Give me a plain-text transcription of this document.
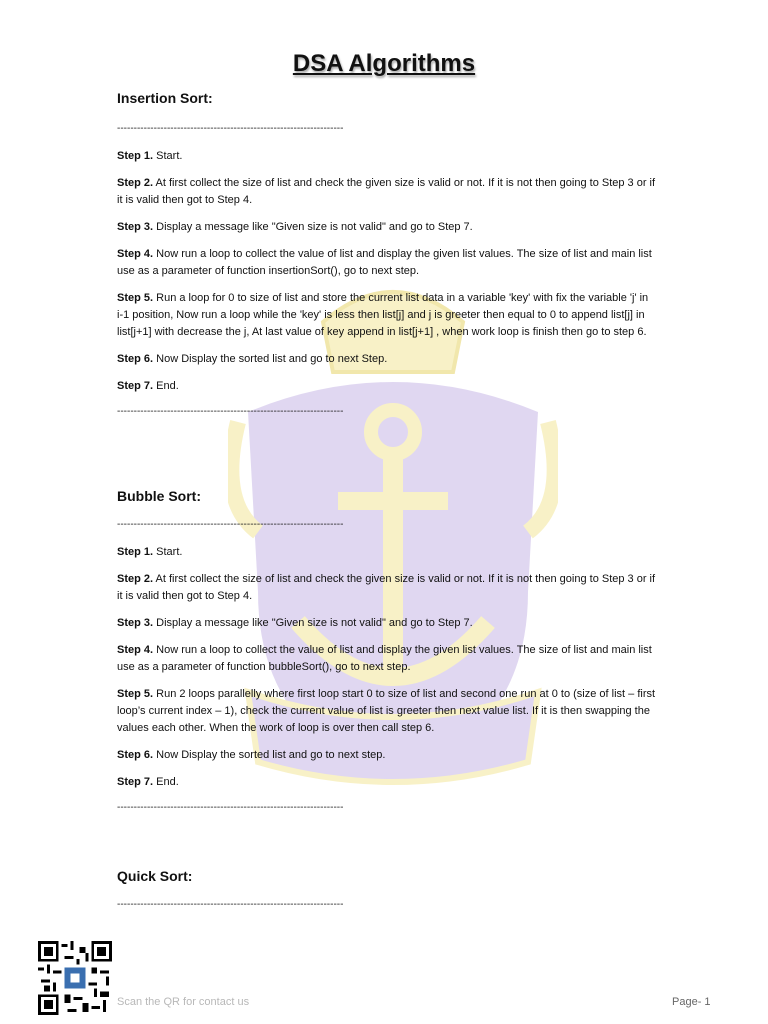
DSA Algorithms
Insertion Sort:
--------------------------------------------------------------------

Step 1. Start.

Step 2. At first collect the size of list and check the given size is valid or not. If it is not then going to Step 3 or if it is valid then got to Step 4.

Step 3. Display a message like "Given size is not valid" and go to Step 7.

Step 4. Now run a loop to collect the value of list and display the given list values. The size of list and main list use as a parameter of function insertionSort(), go to next step.

Step 5. Run a loop for 0 to size of list and store the current list data in a variable 'key' with fix the variable 'j' in i-1 position, Now run a loop while the 'key' is less then list[j] and j is greeter then equal to 0 to append list[j] in list[j+1] with decrease the j, At last value of key append in list[j+1] , when work loop is finish then go to step 6.

Step 6. Now Display the sorted list and go to next Step.

Step 7. End.

--------------------------------------------------------------------
Bubble Sort:
--------------------------------------------------------------------

Step 1. Start.

Step 2. At first collect the size of list and check the given size is valid or not. If it is not then going to Step 3 or if it is valid then got to Step 4.

Step 3. Display a message like "Given size is not valid" and go to Step 7.

Step 4. Now run a loop to collect the value of list and display the given list values. The size of list and main list use as a parameter of function bubbleSort(), go to next step.

Step 5. Run 2 loops parallelly where first loop start 0 to size of list and second one run at 0 to (size of list – first loop’s current index – 1), check the current value of list is greeter then next value list. If it is then swapping the values each other. When the work of loop is over then call step 6.

Step 6. Now Display the sorted list and go to next step.

Step 7. End.

--------------------------------------------------------------------
Quick Sort:
--------------------------------------------------------------------
Scan the QR for contact us	Page- 1
